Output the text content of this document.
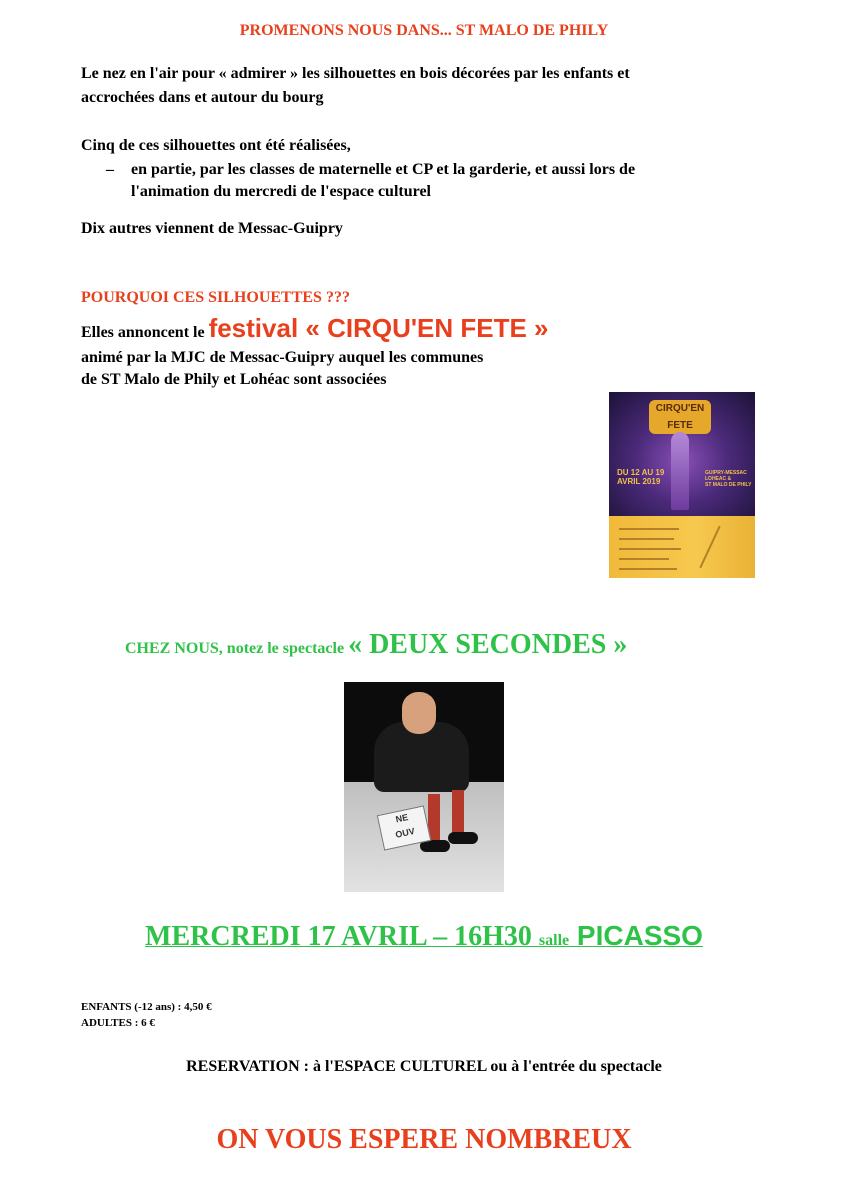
PROMENONS NOUS DANS... ST MALO DE PHILY
Le nez en l'air pour « admirer » les silhouettes en bois décorées par les enfants et
accrochées dans et autour du bourg
Cinq de ces silhouettes ont été réalisées,
– en partie, par les classes de maternelle et CP et la garderie, et aussi lors de
l'animation du mercredi de l'espace culturel
Dix autres viennent de Messac-Guipry
POURQUOI CES SILHOUETTES ???
Elles annoncent le festival « CIRQU'EN FETE »
animé par la MJC de Messac-Guipry auquel les communes
de ST Malo de Phily et Lohéac sont associées
CIRQU'EN
FETE
DU 12 AU 19
AVRIL 2019
GUIPRY-MESSAC
LOHEAC &
ST MALO DE PHILY
CHEZ NOUS, notez le spectacle « DEUX SECONDES »
NE
OUV
MERCREDI 17 AVRIL – 16H30 salle PICASSO
ENFANTS (-12 ans) : 4,50 €
ADULTES : 6 €
RESERVATION : à l'ESPACE CULTUREL ou à l'entrée du spectacle
ON VOUS ESPERE NOMBREUX
